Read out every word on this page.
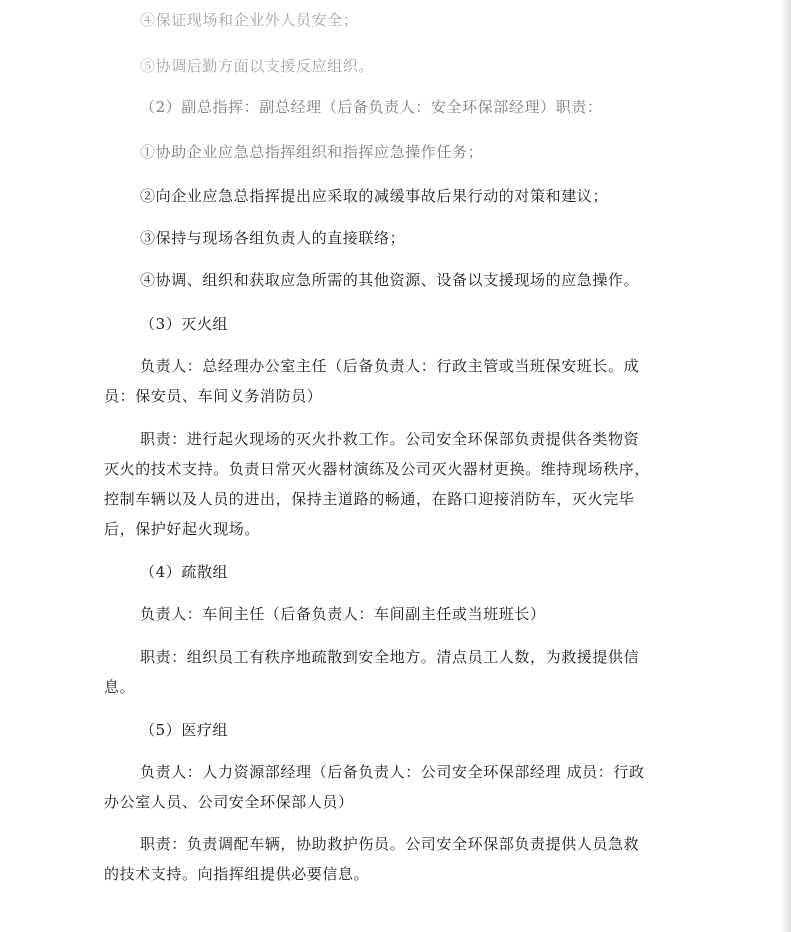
④保证现场和企业外人员安全；
⑤协调后勤方面以支援反应组织。
（2）副总指挥：副总经理（后备负责人：安全环保部经理）职责：
①协助企业应急总指挥组织和指挥应急操作任务；
②向企业应急总指挥提出应采取的减缓事故后果行动的对策和建议；
③保持与现场各组负责人的直接联络；
④协调、组织和获取应急所需的其他资源、设备以支援现场的应急操作。
（3）灭火组
负责人：总经理办公室主任（后备负责人：行政主管或当班保安班长。成
员：保安员、车间义务消防员）
职责：进行起火现场的灭火扑救工作。公司安全环保部负责提供各类物资
灭火的技术支持。负责日常灭火器材演练及公司灭火器材更换。维持现场秩序，
控制车辆以及人员的进出，保持主道路的畅通，在路口迎接消防车，灭火完毕
后，保护好起火现场。
（4）疏散组
负责人：车间主任（后备负责人：车间副主任或当班班长）
职责：组织员工有秩序地疏散到安全地方。清点员工人数，为救援提供信
息。
（5）医疗组
负责人：人力资源部经理（后备负责人：公司安全环保部经理 成员：行政
办公室人员、公司安全环保部人员）
职责：负责调配车辆，协助救护伤员。公司安全环保部负责提供人员急救
的技术支持。向指挥组提供必要信息。
